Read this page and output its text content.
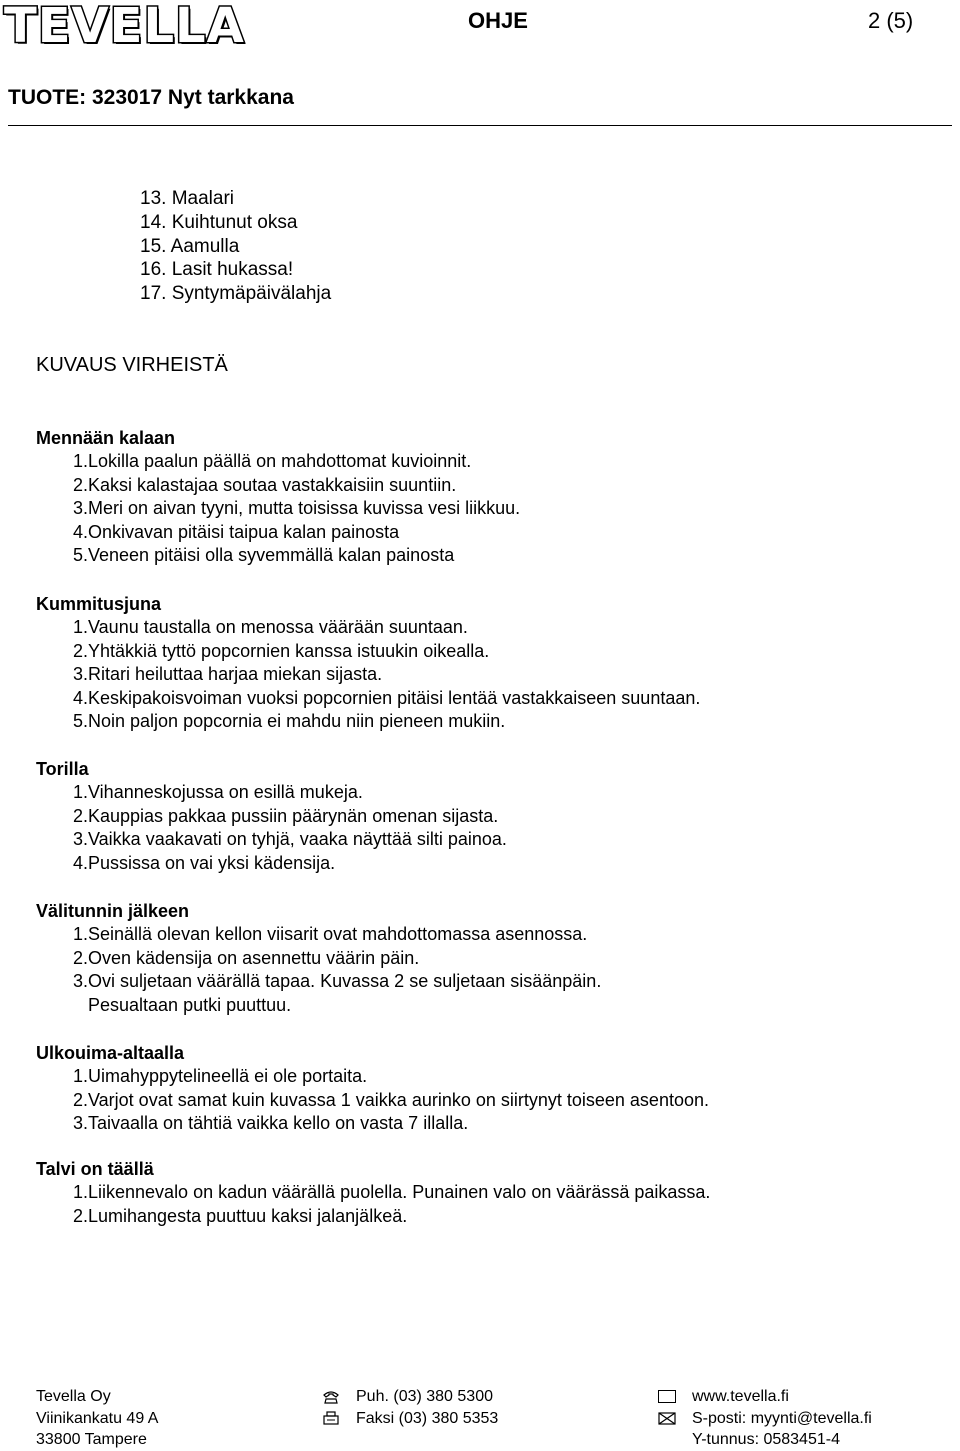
TEVELLA	OHJE	2 (5)
TUOTE: 323017 Nyt tarkkana
13. Maalari
14. Kuihtunut oksa
15. Aamulla
16. Lasit hukassa!
17. Syntymäpäivälahja
KUVAUS VIRHEISTÄ
Mennään kalaan
1. Lokilla paalun päällä on mahdottomat kuvioinnit.
2. Kaksi kalastajaa soutaa vastakkaisiin suuntiin.
3. Meri on aivan tyyni, mutta toisissa kuvissa vesi liikkuu.
4. Onkivavan pitäisi taipua kalan painosta
5. Veneen pitäisi olla syvemmällä kalan painosta
Kummitusjuna
1. Vaunu taustalla on menossa väärään suuntaan.
2. Yhtäkkiä tyttö popcornien kanssa istuukin oikealla.
3. Ritari heiluttaa harjaa miekan sijasta.
4. Keskipakoisvoiman vuoksi popcornien pitäisi lentää vastakkaiseen suuntaan.
5. Noin paljon popcornia ei mahdu niin pieneen mukiin.
Torilla
1. Vihanneskojussa on esillä mukeja.
2. Kauppias pakkaa pussiin päärynän omenan sijasta.
3. Vaikka vaakavati on tyhjä, vaaka näyttää silti painoa.
4. Pussissa on vai yksi kädensija.
Välitunnin jälkeen
1. Seinällä olevan kellon viisarit ovat mahdottomassa asennossa.
2. Oven kädensija on asennettu väärin päin.
3. Ovi suljetaan väärällä tapaa. Kuvassa 2 se suljetaan sisäänpäin.
Pesualtaan putki puuttuu.
Ulkouima-altaalla
1. Uimahyppytelineellä ei ole portaita.
2. Varjot ovat samat kuin kuvassa 1 vaikka aurinko on siirtynyt toiseen asentoon.
3. Taivaalla on tähtiä vaikka kello on vasta 7 illalla.
Talvi on täällä
1. Liikennevalo on kadun väärällä puolella. Punainen valo on väärässä paikassa.
2. Lumihangesta puuttuu kaksi jalanjälkeä.
Tevella Oy
Viinikankatu 49 A
33800 Tampere
Puh. (03) 380 5300
Faksi (03) 380 5353
www.tevella.fi
S-posti: myynti@tevella.fi
Y-tunnus: 0583451-4
